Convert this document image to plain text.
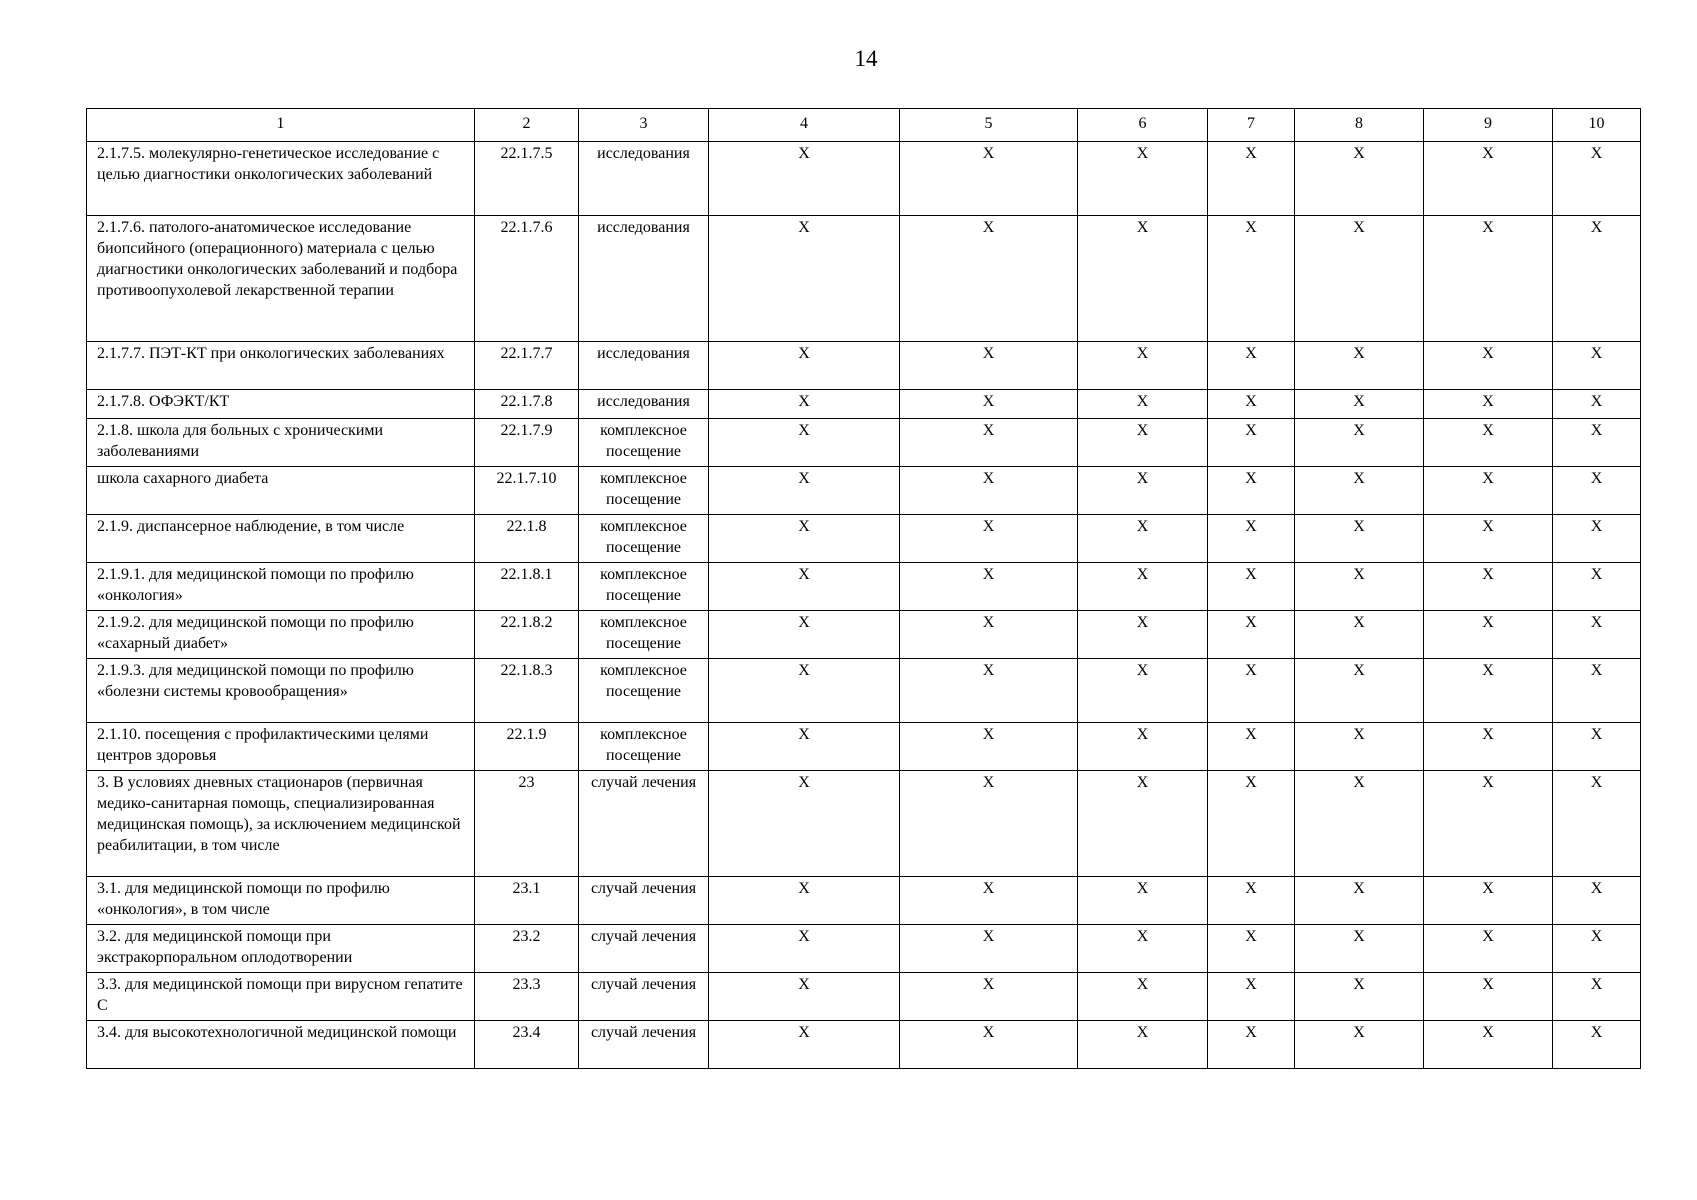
14
1	2	3	4	5	6	7	8	9	10
2.1.7.5. молекулярно-генетическое исследование с целью диагностики онкологических заболеваний	22.1.7.5	исследования	X	X	X	X	X	X	X
2.1.7.6. патолого-анатомическое исследование биопсийного (операционного) материала с целью диагностики онкологических заболеваний и подбора противоопухолевой лекарственной терапии	22.1.7.6	исследования	X	X	X	X	X	X	X
2.1.7.7. ПЭТ-КТ при онкологических заболеваниях	22.1.7.7	исследования	X	X	X	X	X	X	X
2.1.7.8. ОФЭКТ/КТ	22.1.7.8	исследования	X	X	X	X	X	X	X
2.1.8. школа для больных с хроническими заболеваниями	22.1.7.9	комплексное посещение	X	X	X	X	X	X	X
школа сахарного диабета	22.1.7.10	комплексное посещение	X	X	X	X	X	X	X
2.1.9. диспансерное наблюдение, в том числе	22.1.8	комплексное посещение	X	X	X	X	X	X	X
2.1.9.1. для медицинской помощи по профилю «онкология»	22.1.8.1	комплексное посещение	X	X	X	X	X	X	X
2.1.9.2. для медицинской помощи по профилю «сахарный диабет»	22.1.8.2	комплексное посещение	X	X	X	X	X	X	X
2.1.9.3. для медицинской помощи по профилю «болезни системы кровообращения»	22.1.8.3	комплексное посещение	X	X	X	X	X	X	X
2.1.10. посещения с профилактическими целями центров здоровья	22.1.9	комплексное посещение	X	X	X	X	X	X	X
3. В условиях дневных стационаров (первичная медико-санитарная помощь, специализированная медицинская помощь), за исключением медицинской реабилитации, в том числе	23	случай лечения	X	X	X	X	X	X	X
3.1. для медицинской помощи по профилю «онкология», в том числе	23.1	случай лечения	X	X	X	X	X	X	X
3.2. для медицинской помощи при экстракорпоральном оплодотворении	23.2	случай лечения	X	X	X	X	X	X	X
3.3. для медицинской помощи при вирусном гепатите C	23.3	случай лечения	X	X	X	X	X	X	X
3.4. для высокотехнологичной медицинской помощи	23.4	случай лечения	X	X	X	X	X	X	X
